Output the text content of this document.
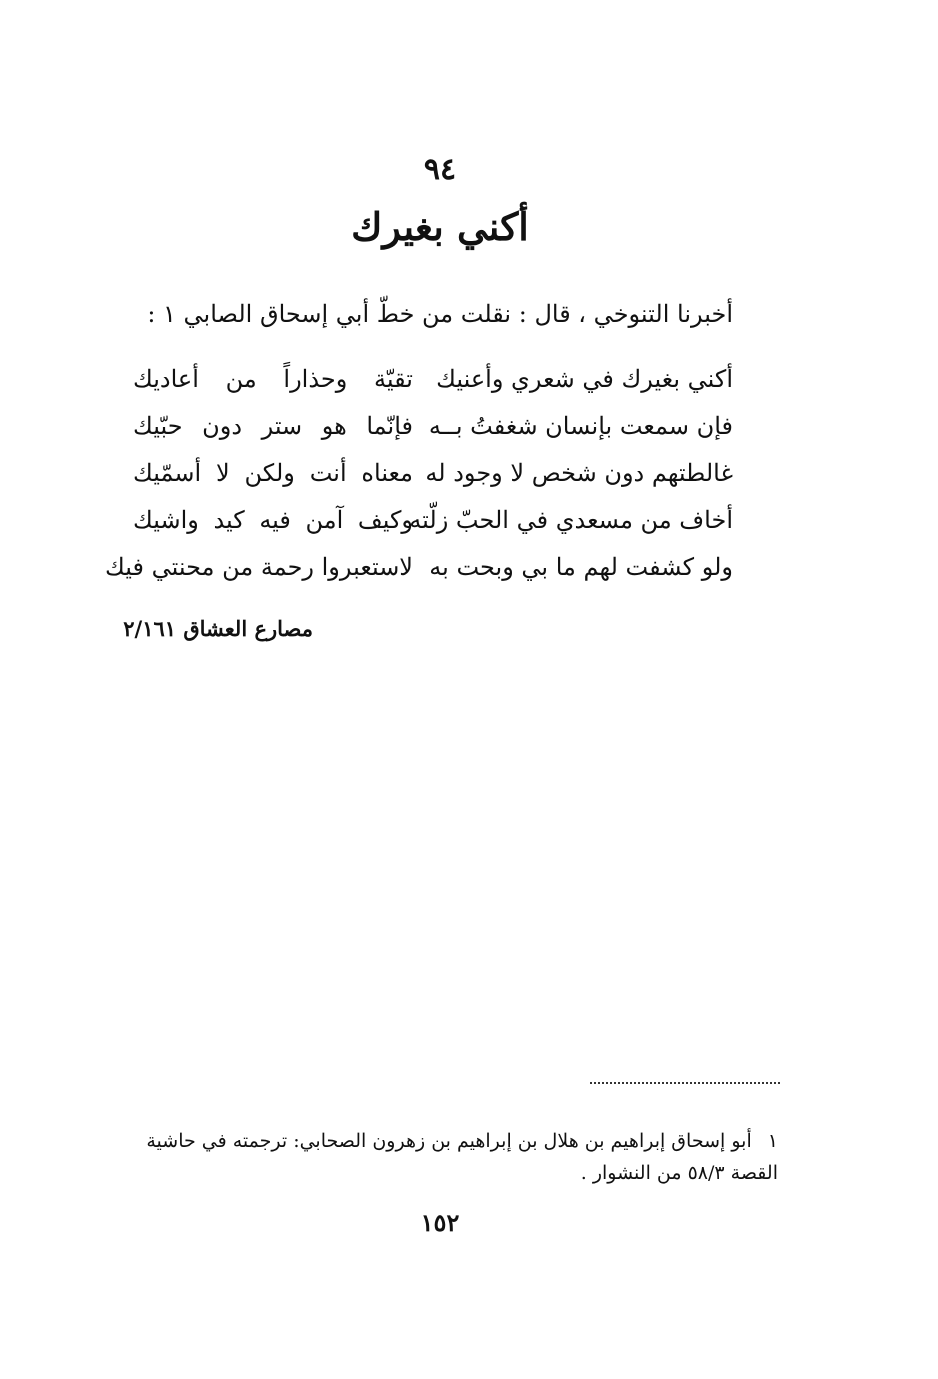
٩٤
أكني بغيرك
أخبرنا التنوخي ، قال : نقلت من خطّ أبي إسحاق الصابي ١ :
أكني بغيرك في شعري وأعنيك
تقيّة وحذاراً من أعاديك
فإن سمعت بإنسان شغفتُ بــه
فإنّما هو ستر دون حبّيك
غالطتهم دون شخص لا وجود له
معناه أنت ولكن لا أسمّيك
أخاف من مسعدي في الحبّ زلّته
وكيف آمن فيه كيد واشيك
ولو كشفت لهم ما بي وبحت به
لاستعبروا رحمة من محنتي فيك
مصارع العشاق ٢/١٦١
١ أبو إسحاق إبراهيم بن هلال بن إبراهيم بن زهرون الصحابي: ترجمته في حاشية القصة ٥٨/٣ من النشوار .
١٥٢
